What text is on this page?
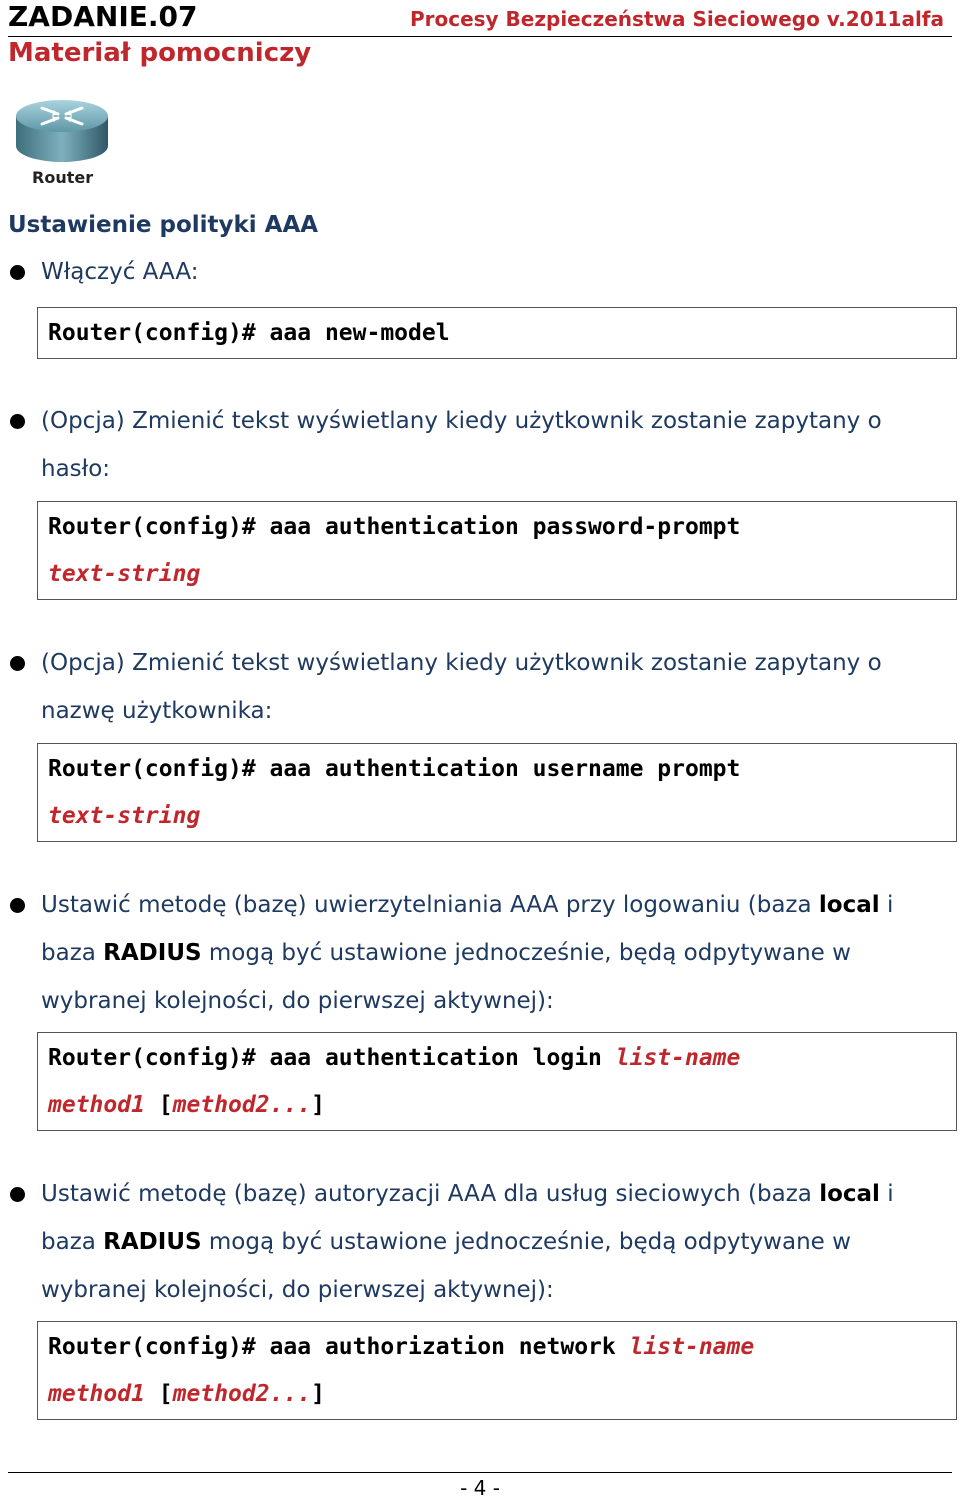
ZADANIE.07	Procesy Bezpieczeństwa Sieciowego v.2011alfa
Materiał pomocniczy
Router
Ustawienie polityki AAA
Włączyć AAA:
Router(config)# aaa new-model
(Opcja) Zmienić tekst wyświetlany kiedy użytkownik zostanie zapytany o
hasło:
Router(config)# aaa authentication password-prompt
text-string
(Opcja) Zmienić tekst wyświetlany kiedy użytkownik zostanie zapytany o
nazwę użytkownika:
Router(config)# aaa authentication username prompt
text-string
Ustawić metodę (bazę) uwierzytelniania AAA przy logowaniu (baza local i
baza RADIUS mogą być ustawione jednocześnie, będą odpytywane w
wybranej kolejności, do pierwszej aktywnej):
Router(config)# aaa authentication login list-name
method1 [method2...]
Ustawić metodę (bazę) autoryzacji AAA dla usług sieciowych (baza local i
baza RADIUS mogą być ustawione jednocześnie, będą odpytywane w
wybranej kolejności, do pierwszej aktywnej):
Router(config)# aaa authorization network list-name
method1 [method2...]
- 4 -
